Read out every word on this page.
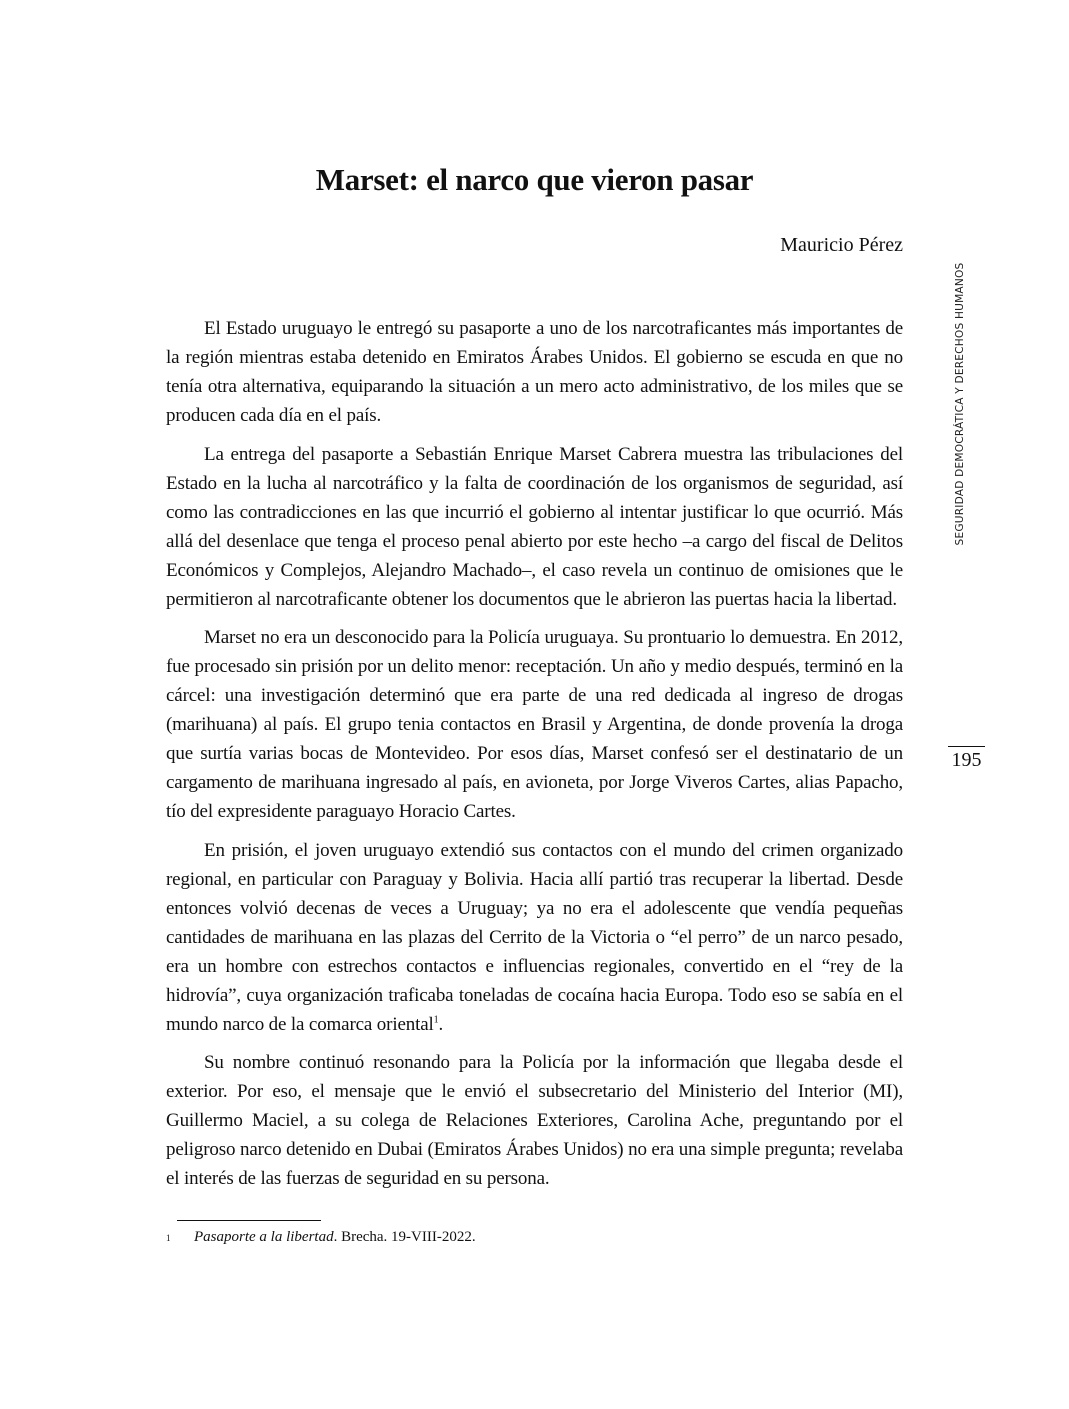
Marset: el narco que vieron pasar

Mauricio Pérez

El Estado uruguayo le entregó su pasaporte a uno de los narcotraficantes más importantes de la región mientras estaba detenido en Emiratos Árabes Unidos. El gobierno se escuda en que no tenía otra alternativa, equiparando la situación a un mero acto administrativo, de los miles que se producen cada día en el país.

La entrega del pasaporte a Sebastián Enrique Marset Cabrera muestra las tribulaciones del Estado en la lucha al narcotráfico y la falta de coordinación de los organismos de seguridad, así como las contradicciones en las que incurrió el gobierno al intentar justificar lo que ocurrió. Más allá del desenlace que tenga el proceso penal abierto por este hecho –a cargo del fiscal de Delitos Económicos y Complejos, Alejandro Machado–, el caso revela un continuo de omisiones que le permitieron al narcotraficante obtener los documentos que le abrieron las puertas hacia la libertad.

Marset no era un desconocido para la Policía uruguaya. Su prontuario lo demuestra. En 2012, fue procesado sin prisión por un delito menor: receptación. Un año y medio después, terminó en la cárcel: una investigación determinó que era parte de una red dedicada al ingreso de drogas (marihuana) al país. El grupo tenia contactos en Brasil y Argentina, de donde provenía la droga que surtía varias bocas de Montevideo. Por esos días, Marset confesó ser el destinatario de un cargamento de marihuana ingresado al país, en avioneta, por Jorge Viveros Cartes, alias Papacho, tío del expresidente paraguayo Horacio Cartes.

En prisión, el joven uruguayo extendió sus contactos con el mundo del crimen organizado regional, en particular con Paraguay y Bolivia. Hacia allí partió tras recuperar la libertad. Desde entonces volvió decenas de veces a Uruguay; ya no era el adolescente que vendía pequeñas cantidades de marihuana en las plazas del Cerrito de la Victoria o “el perro” de un narco pesado, era un hombre con estrechos contactos e influencias regionales, convertido en el “rey de la hidrovía”, cuya organización traficaba toneladas de cocaína hacia Europa. Todo eso se sabía en el mundo narco de la comarca oriental$^1$.

Su nombre continuó resonando para la Policía por la información que llegaba desde el exterior. Por eso, el mensaje que le envió el subsecretario del Ministerio del Interior (MI), Guillermo Maciel, a su colega de Relaciones Exteriores, Carolina Ache, preguntando por el peligroso narco detenido en Dubai (Emiratos Árabes Unidos) no era una simple pregunta; revelaba el interés de las fuerzas de seguridad en su persona.

SEGURIDAD DEMOCRÁTICA Y DERECHOS HUMANOS
195
1 Pasaporte a la libertad. Brecha. 19-VIII-2022.
